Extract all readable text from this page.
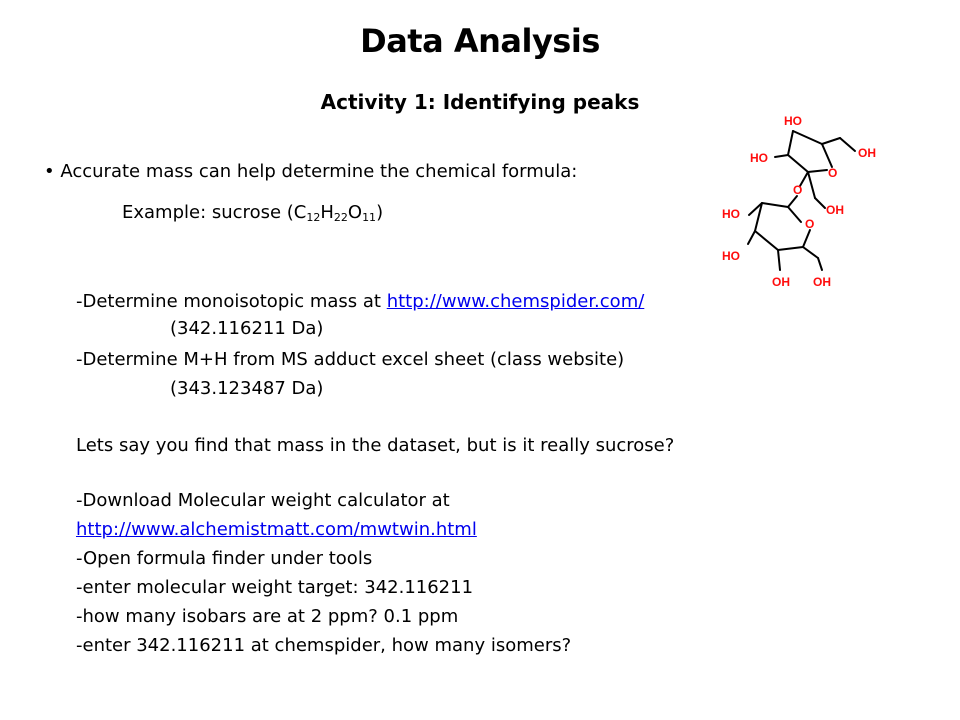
Data Analysis
Activity 1: Identifying peaks
• Accurate mass can help determine the chemical formula:
Example: sucrose $(C_{12}H_{22}O_{11})$
-Determine monoisotopic mass at http://www.chemspider.com/
(342.116211 Da)
-Determine M+H from MS adduct excel sheet (class website)
(343.123487 Da)
Lets say you find that mass in the dataset, but is it really sucrose?
-Download Molecular weight calculator at
http://www.alchemistmatt.com/mwtwin.html
-Open formula finder under tools
-enter molecular weight target: 342.116211
-how many isobars are at 2 ppm? 0.1 ppm
-enter 342.116211 at chemspider, how many isomers?
HO
HO	OH
O
O
OH
HO
O
HO
OH OH
